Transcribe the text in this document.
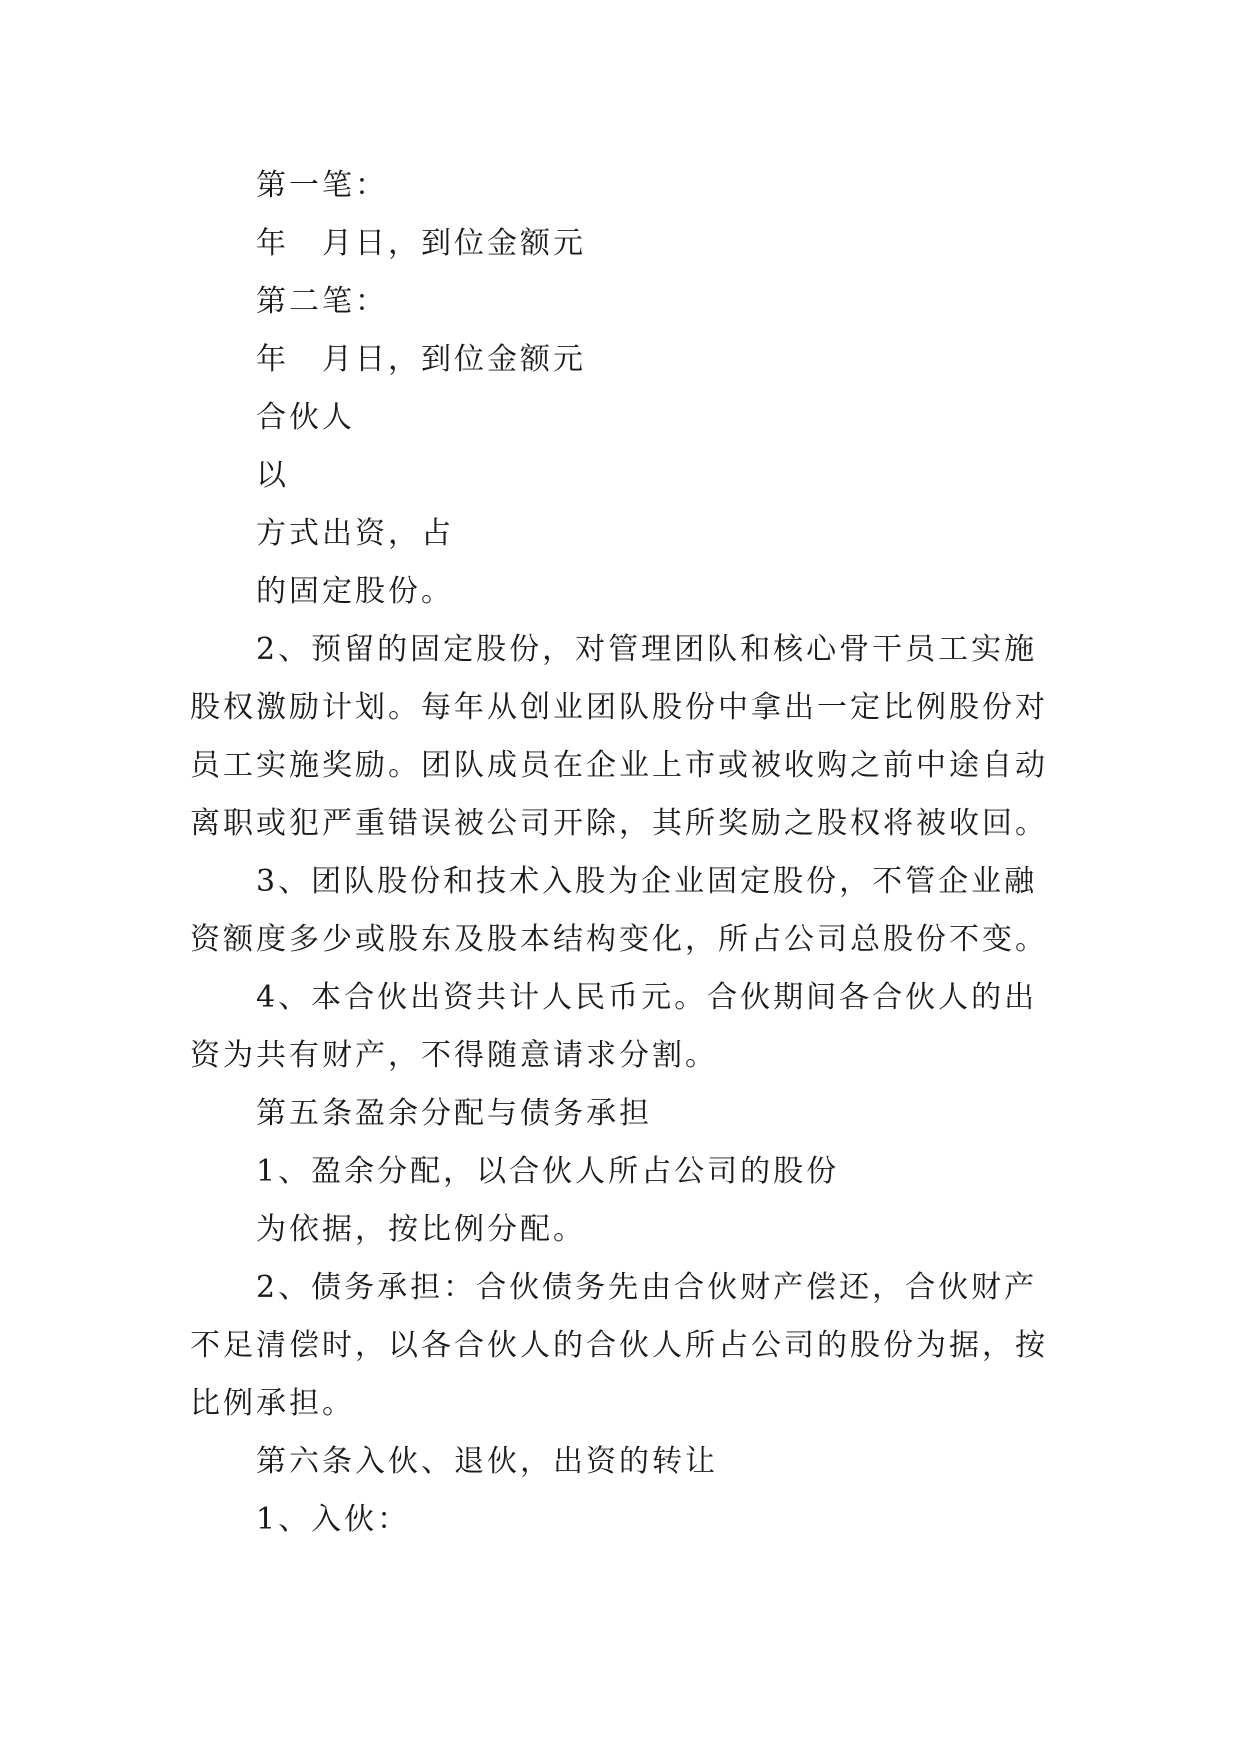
第一笔：
年　月日，到位金额元
第二笔：
年　月日，到位金额元
合伙人
以
方式出资，占
的固定股份。
2、预留的固定股份，对管理团队和核心骨干员工实施
股权激励计划。每年从创业团队股份中拿出一定比例股份对
员工实施奖励。团队成员在企业上市或被收购之前中途自动
离职或犯严重错误被公司开除，其所奖励之股权将被收回。
3、团队股份和技术入股为企业固定股份，不管企业融
资额度多少或股东及股本结构变化，所占公司总股份不变。
4、本合伙出资共计人民币元。合伙期间各合伙人的出
资为共有财产，不得随意请求分割。
第五条盈余分配与债务承担
1、盈余分配，以合伙人所占公司的股份
为依据，按比例分配。
2、债务承担：合伙债务先由合伙财产偿还，合伙财产
不足清偿时，以各合伙人的合伙人所占公司的股份为据，按
比例承担。
第六条入伙、退伙，出资的转让
1、入伙：
